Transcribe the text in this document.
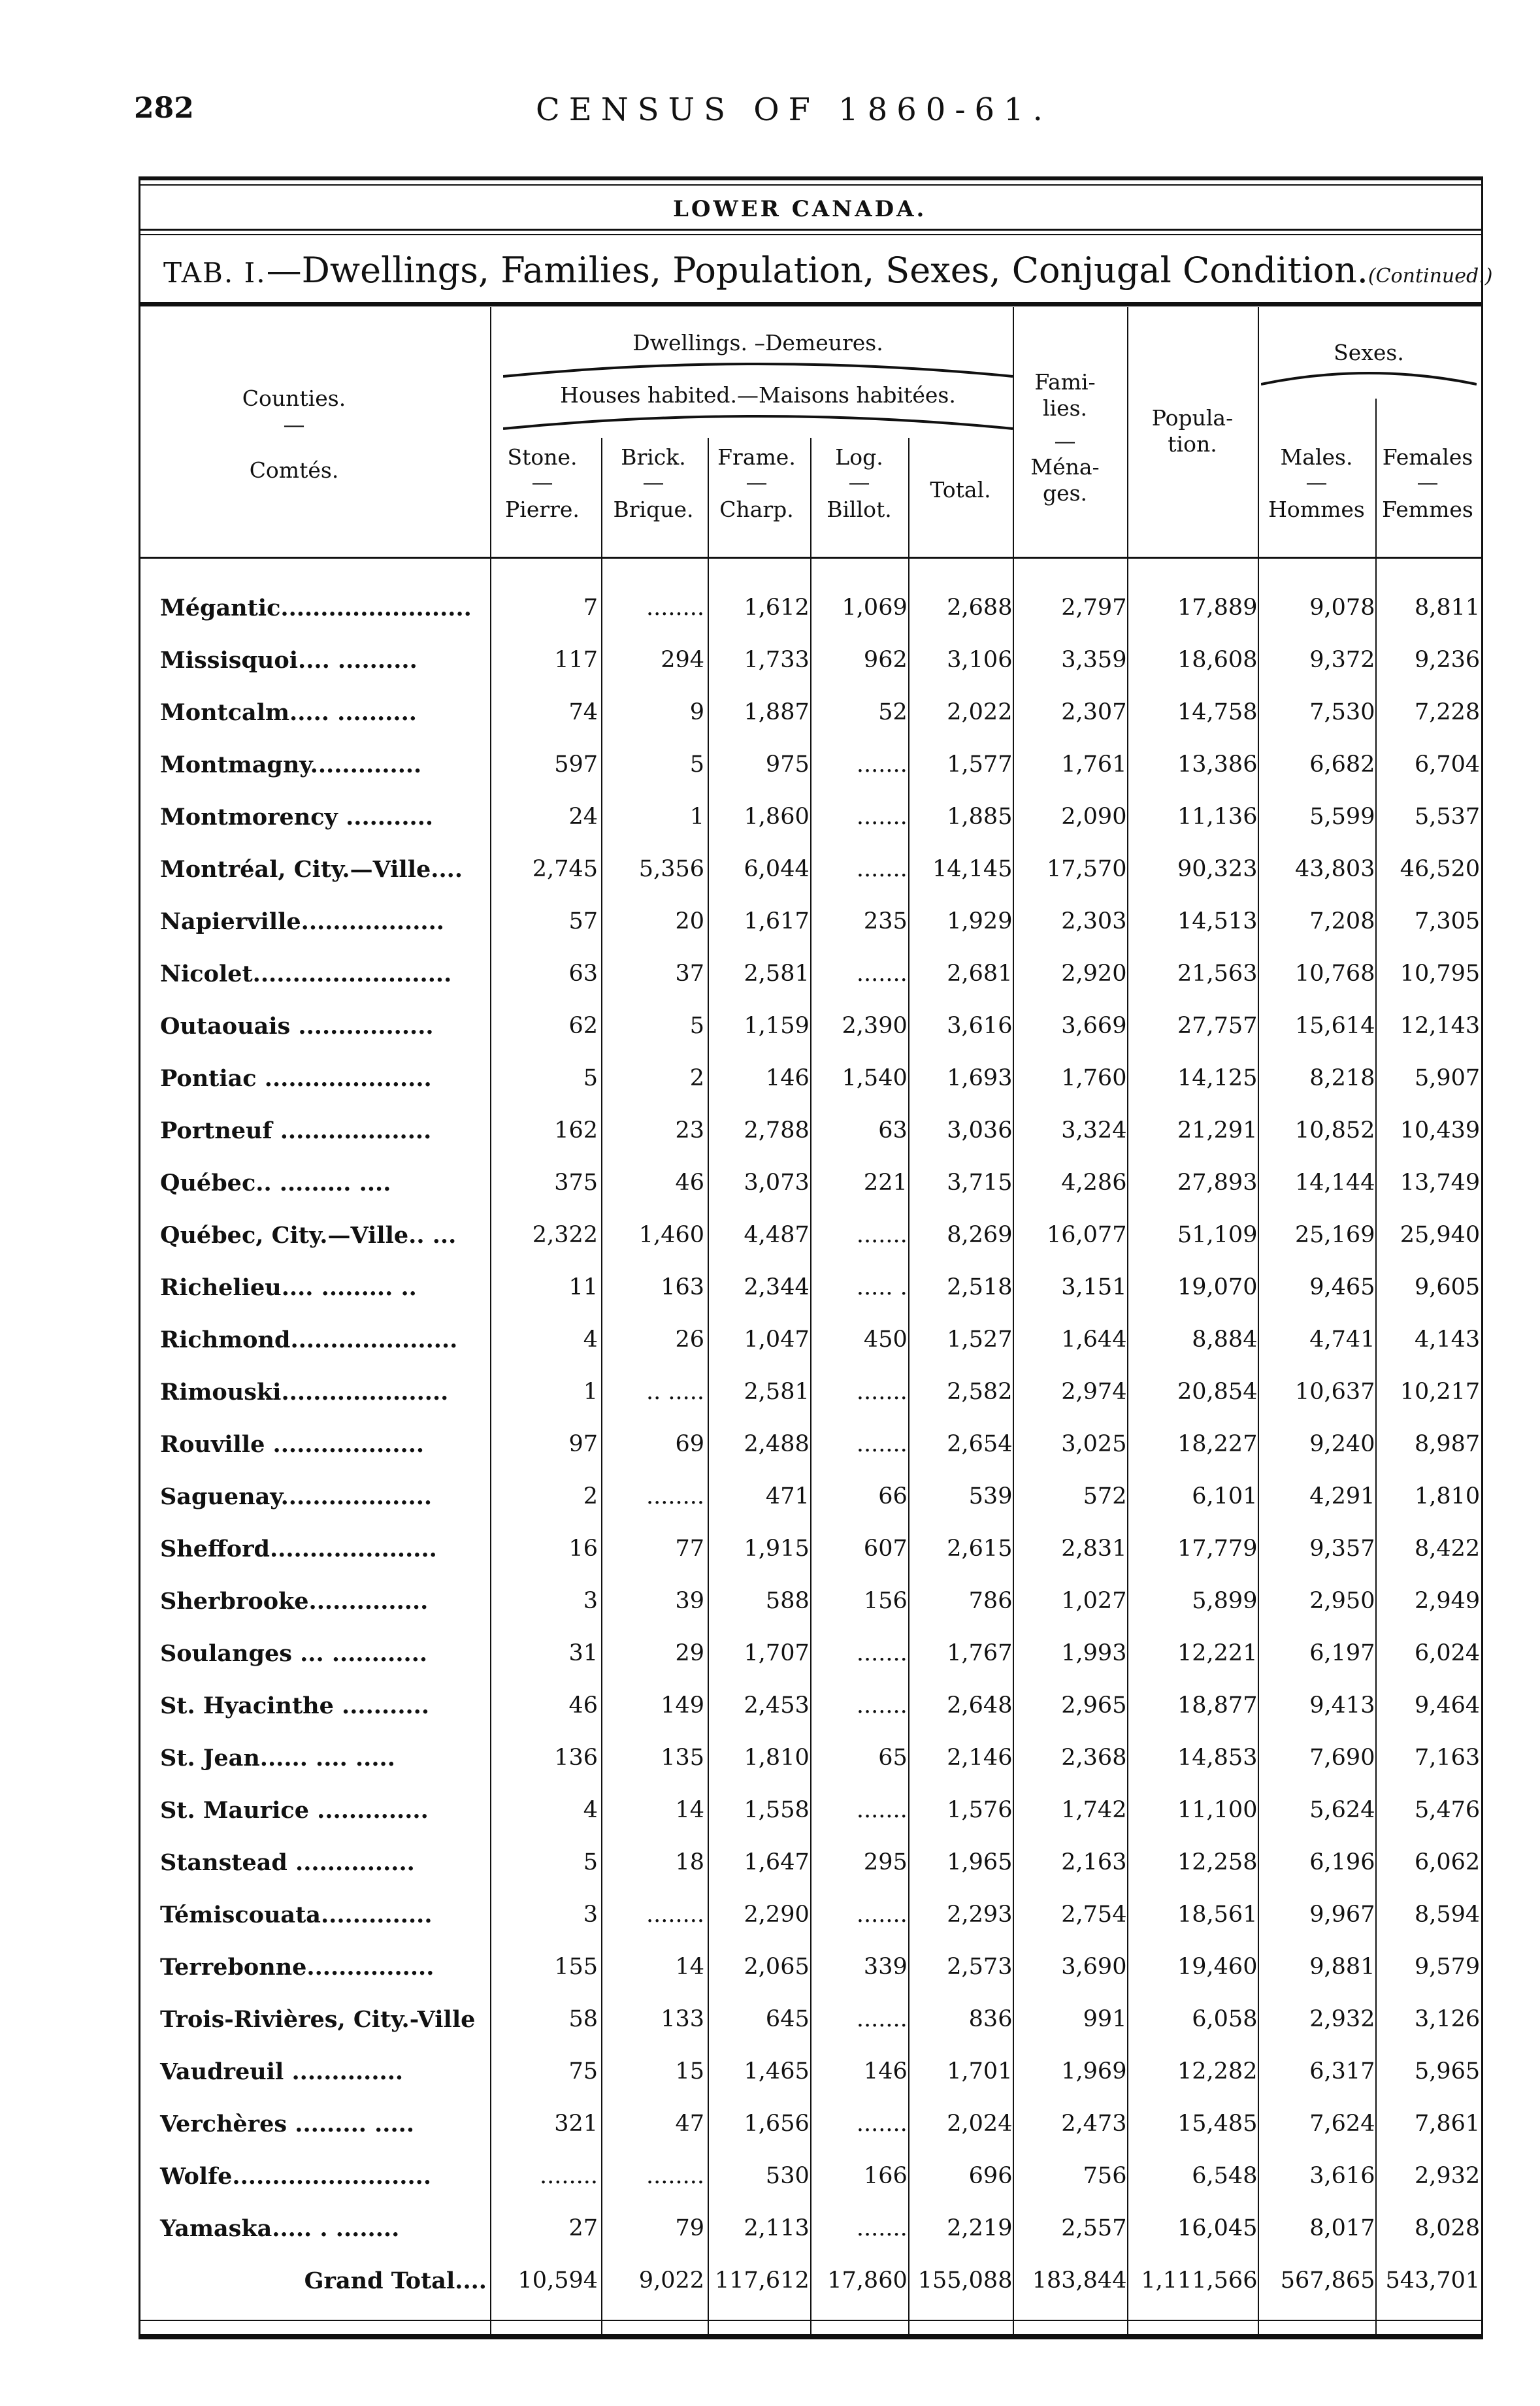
282	CENSUS OF 1860-61.
LOWER CANADA.
TAB. I.—Dwellings, Families, Population, Sexes, Conjugal Condition.(Continued.)
Counties.
—
Comtés.
Dwellings. –Demeures.
Houses habited.—Maisons habitées.
Stone.
—
Pierre.
Brick.
—
Brique.
Frame.
—
Charp.
Log.
—
Billot.
Total.
Fami-lies.
—
Ména-ges.
Popula-tion.
Sexes.
Males.
—
Hommes
Females
—
Femmes
Mégantic........................	7	........	1,612	1,069	2,688	2,797	17,889	9,078	8,811
Missisquoi.... ..........	117	294	1,733	962	3,106	3,359	18,608	9,372	9,236
Montcalm..... ..........	74	9	1,887	52	2,022	2,307	14,758	7,530	7,228
Montmagny..............	597	5	975	.......	1,577	1,761	13,386	6,682	6,704
Montmorency ...........	24	1	1,860	.......	1,885	2,090	11,136	5,599	5,537
Montréal, City.—Ville....	2,745	5,356	6,044	.......	14,145	17,570	90,323	43,803	46,520
Napierville..................	57	20	1,617	235	1,929	2,303	14,513	7,208	7,305
Nicolet.........................	63	37	2,581	.......	2,681	2,920	21,563	10,768	10,795
Outaouais .................	62	5	1,159	2,390	3,616	3,669	27,757	15,614	12,143
Pontiac .....................	5	2	146	1,540	1,693	1,760	14,125	8,218	5,907
Portneuf ...................	162	23	2,788	63	3,036	3,324	21,291	10,852	10,439
Québec.. ......... ....	375	46	3,073	221	3,715	4,286	27,893	14,144	13,749
Québec, City.—Ville.. ...	2,322	1,460	4,487	.......	8,269	16,077	51,109	25,169	25,940
Richelieu.... ......... ..	11	163	2,344	..... .	2,518	3,151	19,070	9,465	9,605
Richmond.....................	4	26	1,047	450	1,527	1,644	8,884	4,741	4,143
Rimouski.....................	1	.. .....	2,581	.......	2,582	2,974	20,854	10,637	10,217
Rouville ...................	97	69	2,488	.......	2,654	3,025	18,227	9,240	8,987
Saguenay...................	2	........	471	66	539	572	6,101	4,291	1,810
Shefford.....................	16	77	1,915	607	2,615	2,831	17,779	9,357	8,422
Sherbrooke...............	3	39	588	156	786	1,027	5,899	2,950	2,949
Soulanges ... ............	31	29	1,707	.......	1,767	1,993	12,221	6,197	6,024
St. Hyacinthe ...........	46	149	2,453	.......	2,648	2,965	18,877	9,413	9,464
St. Jean...... .... .....	136	135	1,810	65	2,146	2,368	14,853	7,690	7,163
St. Maurice ..............	4	14	1,558	.......	1,576	1,742	11,100	5,624	5,476
Stanstead ...............	5	18	1,647	295	1,965	2,163	12,258	6,196	6,062
Témiscouata..............	3	........	2,290	.......	2,293	2,754	18,561	9,967	8,594
Terrebonne................	155	14	2,065	339	2,573	3,690	19,460	9,881	9,579
Trois-Rivières, City.-Ville	58	133	645	.......	836	991	6,058	2,932	3,126
Vaudreuil ..............	75	15	1,465	146	1,701	1,969	12,282	6,317	5,965
Verchères ......... .....	321	47	1,656	.......	2,024	2,473	15,485	7,624	7,861
Wolfe.........................	........	........	530	166	696	756	6,548	3,616	2,932
Yamaska..... . ........	27	79	2,113	.......	2,219	2,557	16,045	8,017	8,028
Grand Total....	10,594	9,022	117,612	17,860	155,088	183,844	1,111,566	567,865	543,701
